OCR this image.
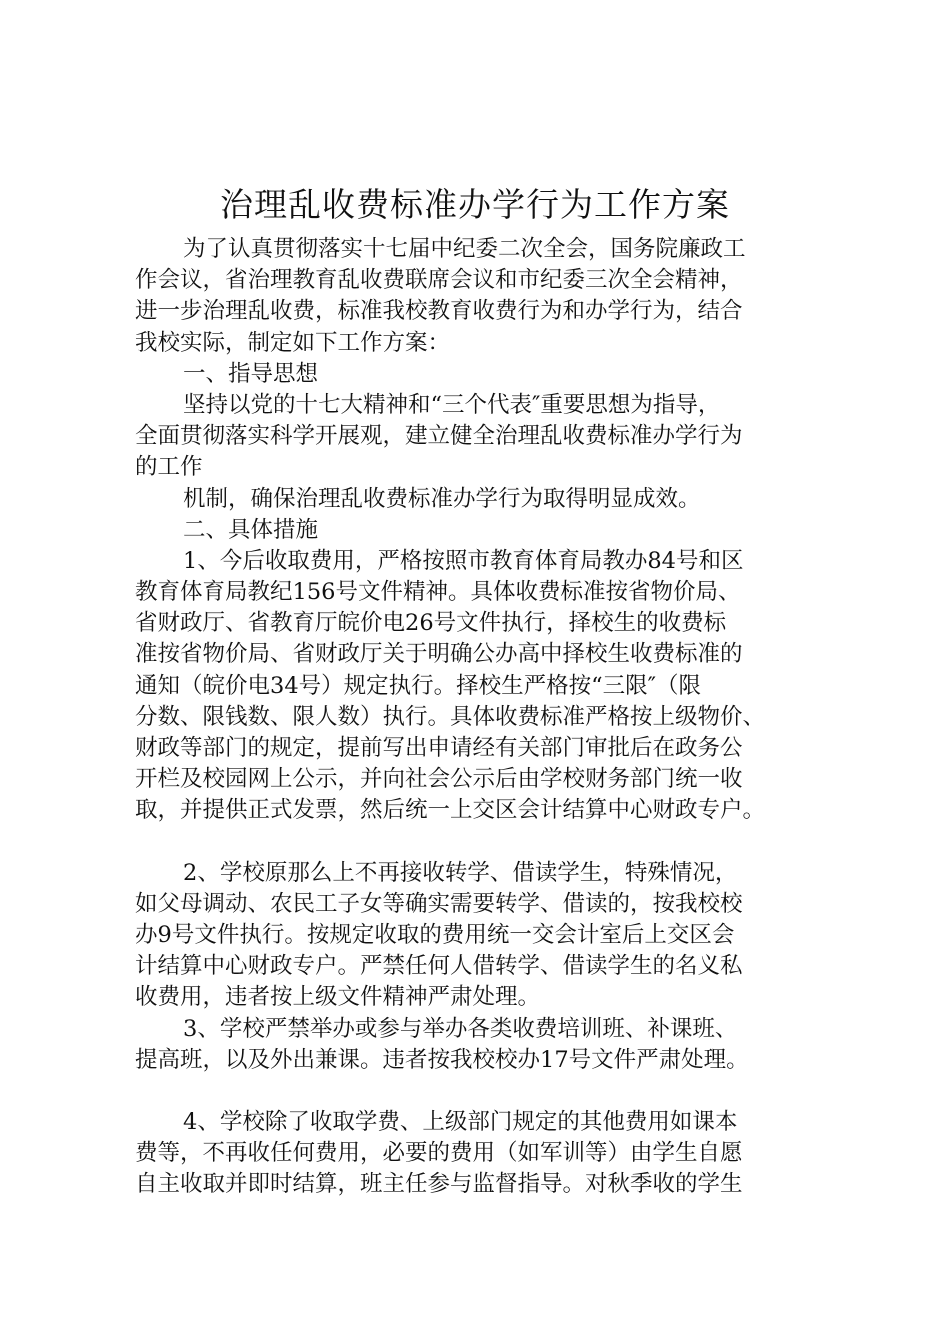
治理乱收费标准办学行为工作方案

为了认真贯彻落实十七届中纪委二次全会，国务院廉政工
作会议，省治理教育乱收费联席会议和市纪委三次全会精神，
进一步治理乱收费，标准我校教育收费行为和办学行为，结合
我校实际，制定如下工作方案：

一、指导思想

坚持以党的十七大精神和“三个代表″重要思想为指导，
全面贯彻落实科学开展观，建立健全治理乱收费标准办学行为
的工作

机制，确保治理乱收费标准办学行为取得明显成效。

二、具体措施

1、今后收取费用，严格按照市教育体育局教办84号和区
教育体育局教纪156号文件精神。具体收费标准按省物价局、
省财政厅、省教育厅皖价电26号文件执行，择校生的收费标
准按省物价局、省财政厅关于明确公办高中择校生收费标准的
通知（皖价电34号）规定执行。择校生严格按“三限″（限
分数、限钱数、限人数）执行。具体收费标准严格按上级物价、
财政等部门的规定，提前写出申请经有关部门审批后在政务公
开栏及校园网上公示，并向社会公示后由学校财务部门统一收
取，并提供正式发票，然后统一上交区会计结算中心财政专户。

2、学校原那么上不再接收转学、借读学生，特殊情况，
如父母调动、农民工子女等确实需要转学、借读的，按我校校
办9号文件执行。按规定收取的费用统一交会计室后上交区会
计结算中心财政专户。严禁任何人借转学、借读学生的名义私
收费用，违者按上级文件精神严肃处理。

3、学校严禁举办或参与举办各类收费培训班、补课班、
提高班，以及外出兼课。违者按我校校办17号文件严肃处理。

4、学校除了收取学费、上级部门规定的其他费用如课本
费等，不再收任何费用，必要的费用（如军训等）由学生自愿
自主收取并即时结算，班主任参与监督指导。对秋季收的学生
